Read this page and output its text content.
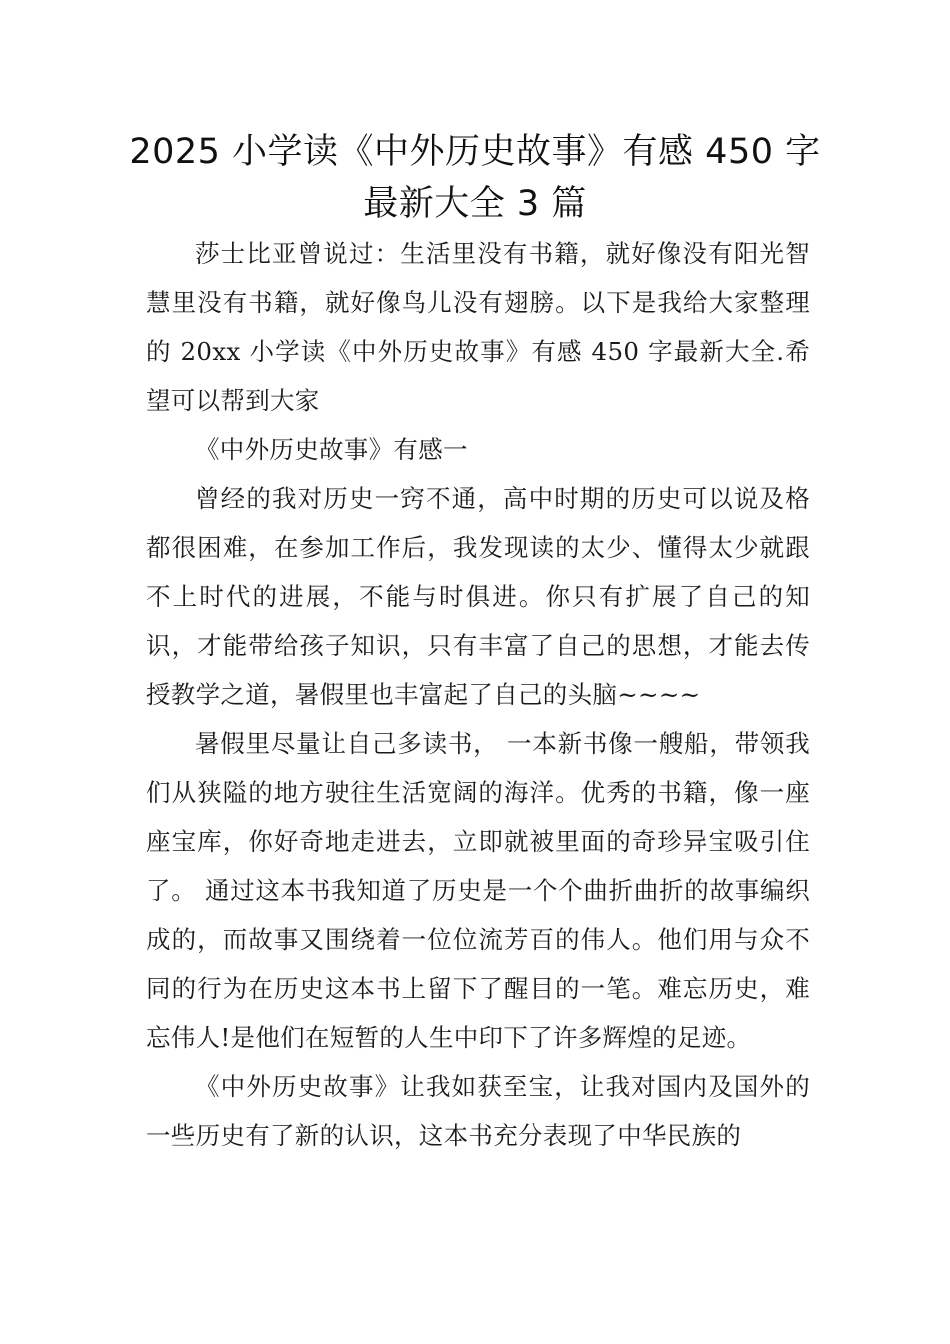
2025 小学读《中外历史故事》有感 450 字
最新大全 3 篇

莎士比亚曾说过：生活里没有书籍，就好像没有阳光智慧里没有书籍，就好像鸟儿没有翅膀。以下是我给大家整理的 20xx 小学读《中外历史故事》有感 450 字最新大全.希望可以帮到大家

《中外历史故事》有感一

曾经的我对历史一窍不通，高中时期的历史可以说及格都很困难，在参加工作后，我发现读的太少、懂得太少就跟不上时代的进展，不能与时俱进。你只有扩展了自己的知识，才能带给孩子知识，只有丰富了自己的思想，才能去传授教学之道，暑假里也丰富起了自己的头脑~~~~

暑假里尽量让自己多读书， 一本新书像一艘船，带领我们从狭隘的地方驶往生活宽阔的海洋。优秀的书籍，像一座座宝库，你好奇地走进去，立即就被里面的奇珍异宝吸引住了。 通过这本书我知道了历史是一个个曲折曲折的故事编织成的，而故事又围绕着一位位流芳百的伟人。他们用与众不同的行为在历史这本书上留下了醒目的一笔。难忘历史，难忘伟人!是他们在短暂的人生中印下了许多辉煌的足迹。

《中外历史故事》让我如获至宝，让我对国内及国外的一些历史有了新的认识，这本书充分表现了中华民族的
